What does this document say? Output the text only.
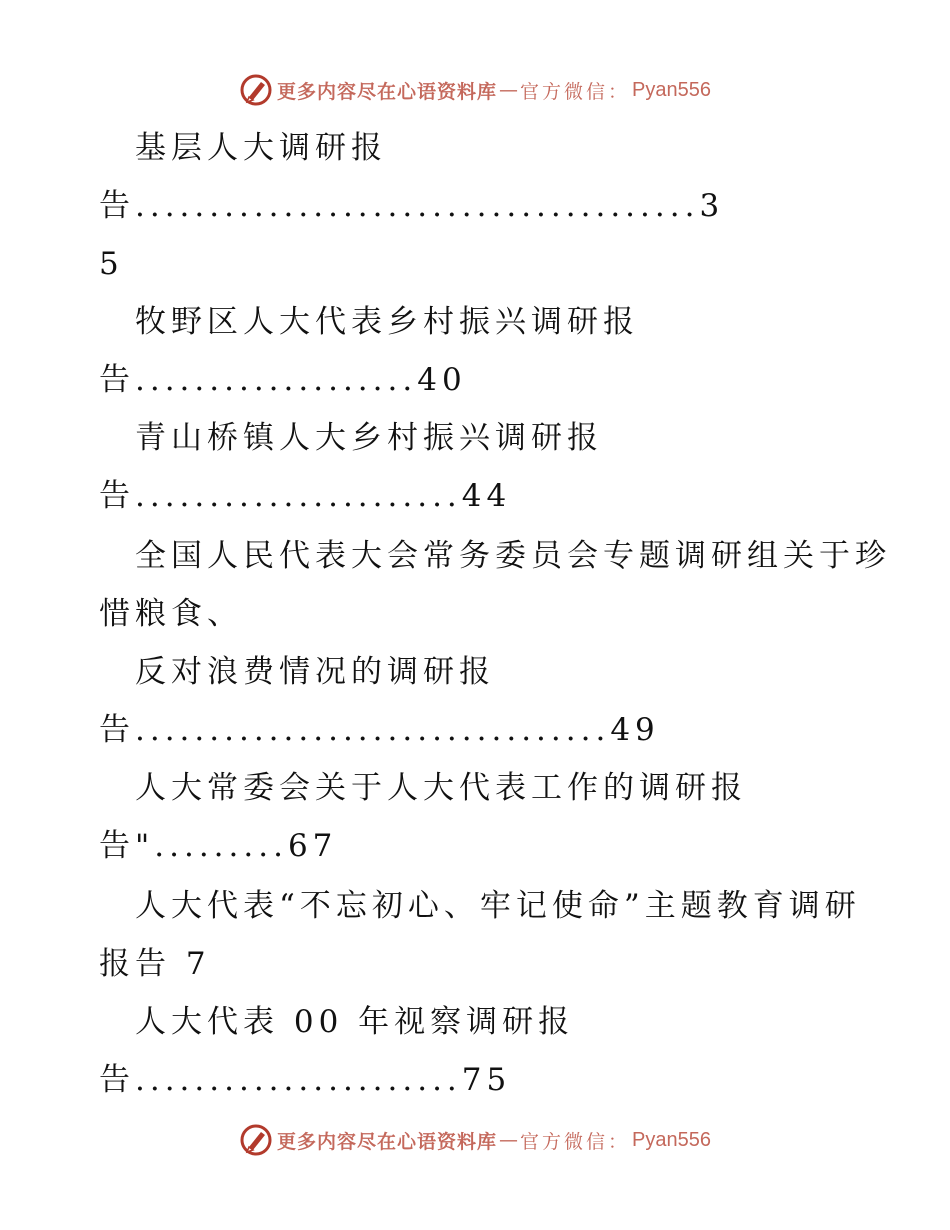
更多内容尽在心语资料库 — 官方微信： Pyan556
基层人大调研报
告......................................3
5
牧野区人大代表乡村振兴调研报
告...................40
青山桥镇人大乡村振兴调研报
告......................44
全国人民代表大会常务委员会专题调研组关于珍
惜粮食、
反对浪费情况的调研报
告................................49
人大常委会关于人大代表工作的调研报
告".........67
人大代表“不忘初心、牢记使命”主题教育调研
报告 7
人大代表 00 年视察调研报
告......................75
更多内容尽在心语资料库 — 官方微信： Pyan556
